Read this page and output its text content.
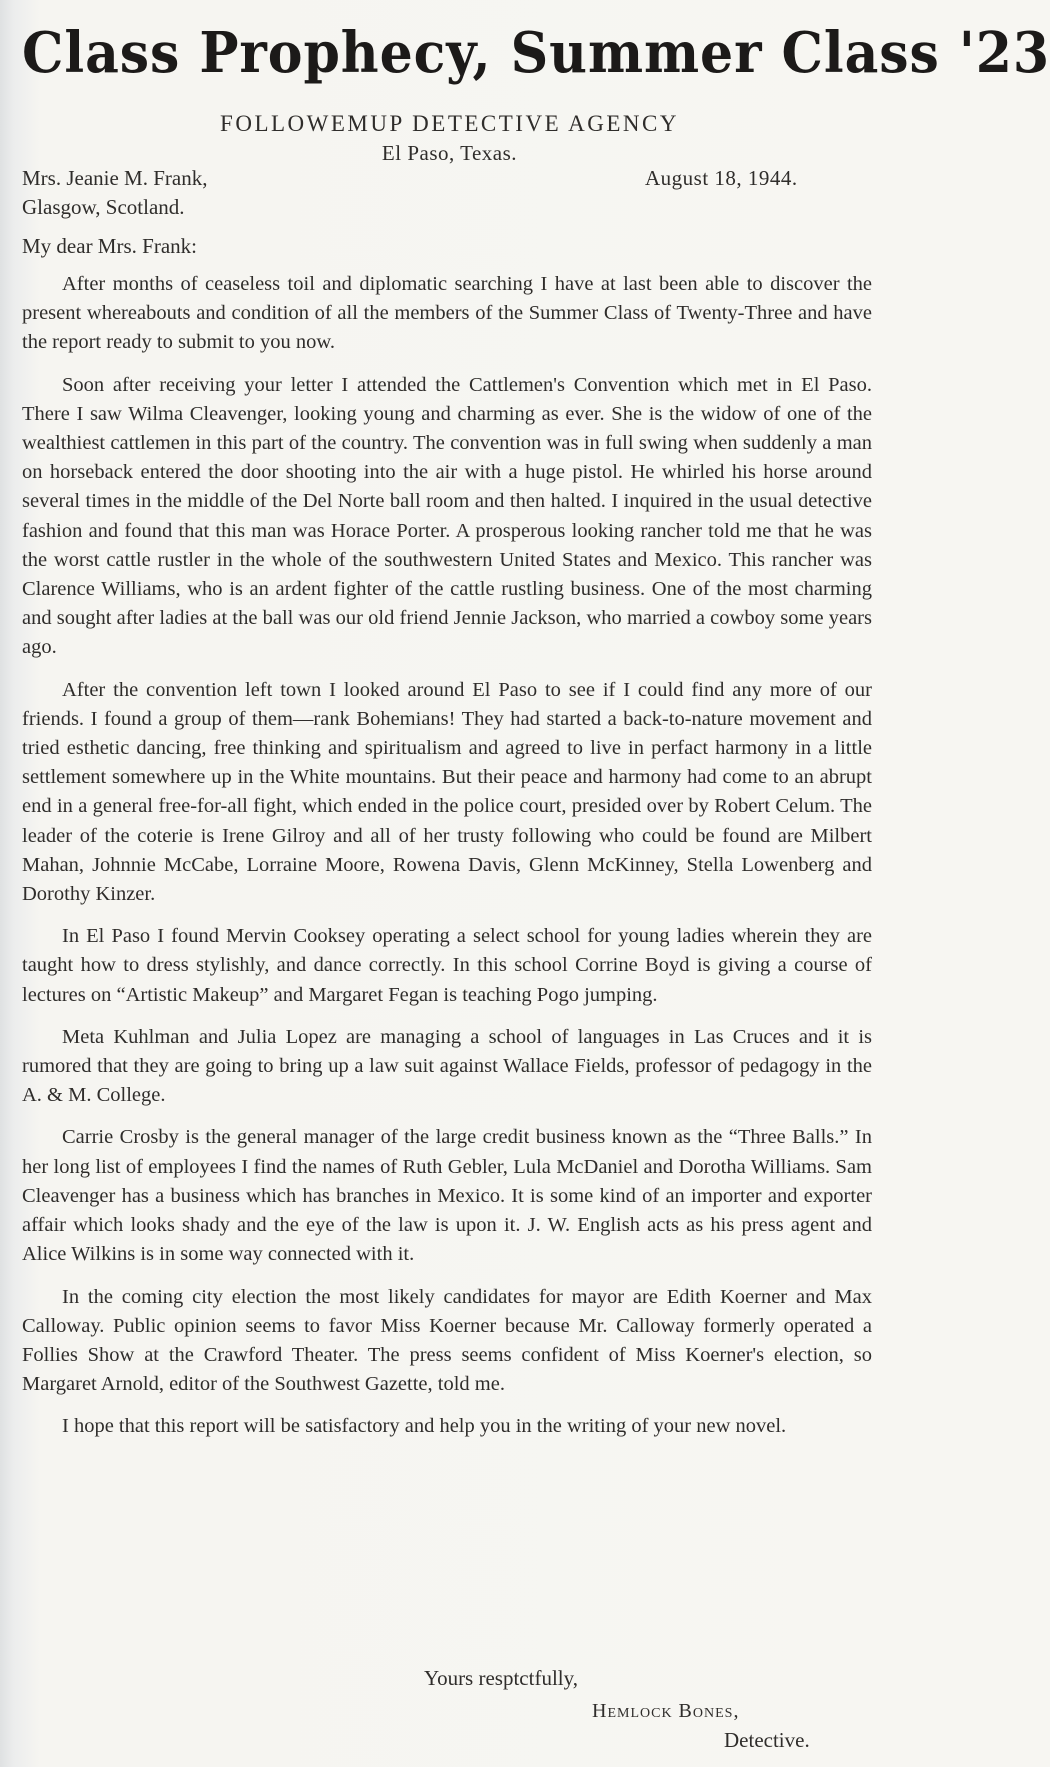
Class Prophecy, Summer Class '23
FOLLOWEMUP DETECTIVE AGENCY
El Paso, Texas.
Mrs. Jeanie M. Frank,
Glasgow, Scotland.
August 18, 1944.
My dear Mrs. Frank:

After months of ceaseless toil and diplomatic searching I have at last been able to discover the present whereabouts and condition of all the members of the Summer Class of Twenty-Three and have the report ready to submit to you now.

Soon after receiving your letter I attended the Cattlemen's Convention which met in El Paso. There I saw Wilma Cleavenger, looking young and charming as ever. She is the widow of one of the wealthiest cattlemen in this part of the country. The convention was in full swing when suddenly a man on horseback entered the door shooting into the air with a huge pistol. He whirled his horse around several times in the middle of the Del Norte ball room and then halted. I inquired in the usual detective fashion and found that this man was Horace Porter. A prosperous looking rancher told me that he was the worst cattle rustler in the whole of the southwestern United States and Mexico. This rancher was Clarence Williams, who is an ardent fighter of the cattle rustling business. One of the most charming and sought after ladies at the ball was our old friend Jennie Jackson, who married a cowboy some years ago.

After the convention left town I looked around El Paso to see if I could find any more of our friends. I found a group of them—rank Bohemians! They had started a back-to-nature movement and tried esthetic dancing, free thinking and spiritualism and agreed to live in perfact harmony in a little settlement somewhere up in the White mountains. But their peace and harmony had come to an abrupt end in a general free-for-all fight, which ended in the police court, presided over by Robert Celum. The leader of the coterie is Irene Gilroy and all of her trusty following who could be found are Milbert Mahan, Johnnie McCabe, Lorraine Moore, Rowena Davis, Glenn McKinney, Stella Lowenberg and Dorothy Kinzer.

In El Paso I found Mervin Cooksey operating a select school for young ladies wherein they are taught how to dress stylishly, and dance correctly. In this school Corrine Boyd is giving a course of lectures on “Artistic Makeup” and Margaret Fegan is teaching Pogo jumping.

Meta Kuhlman and Julia Lopez are managing a school of languages in Las Cruces and it is rumored that they are going to bring up a law suit against Wallace Fields, professor of pedagogy in the A. & M. College.

Carrie Crosby is the general manager of the large credit business known as the “Three Balls.” In her long list of employees I find the names of Ruth Gebler, Lula McDaniel and Dorotha Williams. Sam Cleavenger has a business which has branches in Mexico. It is some kind of an importer and exporter affair which looks shady and the eye of the law is upon it. J. W. English acts as his press agent and Alice Wilkins is in some way connected with it.

In the coming city election the most likely candidates for mayor are Edith Koerner and Max Calloway. Public opinion seems to favor Miss Koerner because Mr. Calloway formerly operated a Follies Show at the Crawford Theater. The press seems confident of Miss Koerner's election, so Margaret Arnold, editor of the Southwest Gazette, told me.

I hope that this report will be satisfactory and help you in the writing of your new novel.

Yours resptctfully,
Hemlock Bones,
Detective.
